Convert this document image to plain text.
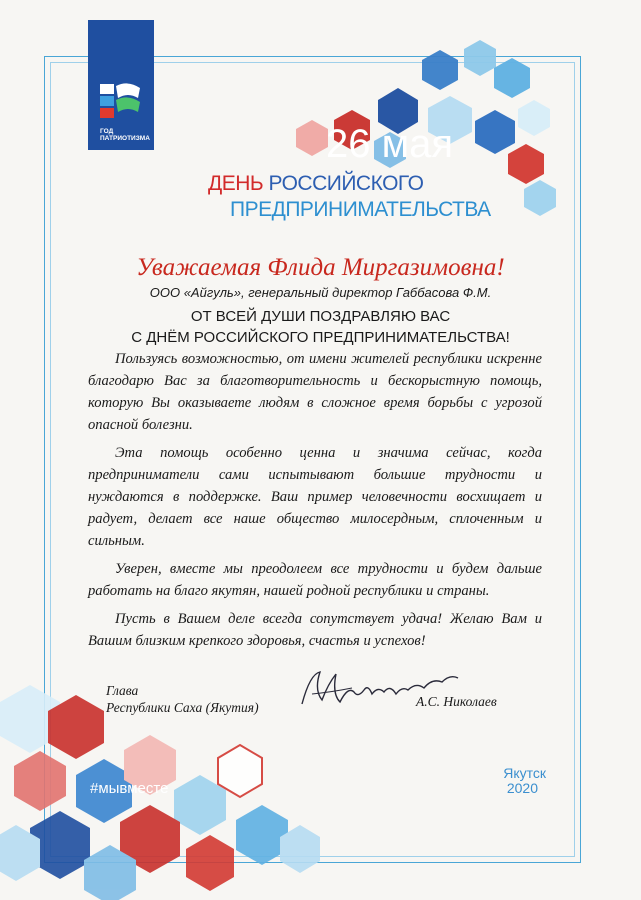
ГОД ПАТРИОТИЗМА	26 мая
ДЕНЬ РОССИЙСКОГО
ПРЕДПРИНИМАТЕЛЬСТВА
Уважаемая Флида Миргазимовна!
ООО «Айгуль», генеральный директор Габбасова Ф.М.
ОТ ВСЕЙ ДУШИ ПОЗДРАВЛЯЮ ВАС
С ДНЁМ РОССИЙСКОГО ПРЕДПРИНИМАТЕЛЬСТВА!

Пользуясь возможностью, от имени жителей республики искренне благодарю Вас за благотворительность и бескорыстную помощь, которую Вы оказываете людям в сложное время борьбы с угрозой опасной болезни.

Эта помощь особенно ценна и значима сейчас, когда предприниматели сами испытывают большие трудности и нуждаются в поддержке. Ваш пример человечности восхищает и радует, делает все наше общество милосердным, сплоченным и сильным.

Уверен, вместе мы преодолеем все трудности и будем дальше работать на благо якутян, нашей родной республики и страны.

Пусть в Вашем деле всегда сопутствует удача! Желаю Вам и Вашим близким крепкого здоровья, счастья и успехов!

Глава
Республики Саха (Якутия)	А.С. Николаев
#мывместе
Якутск
2020
